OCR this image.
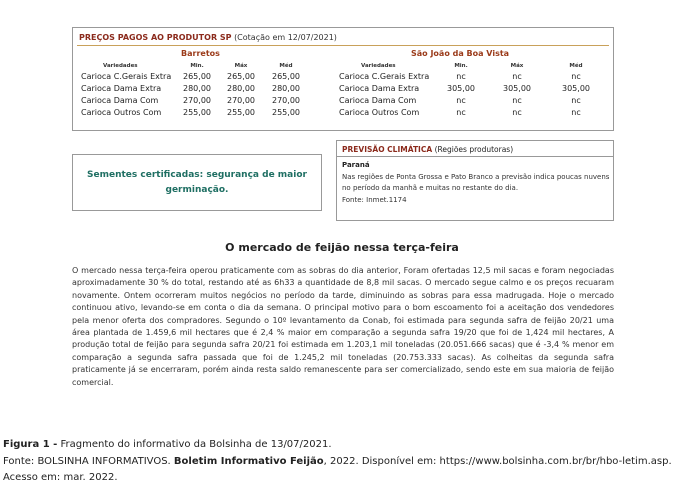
PREÇOS PAGOS AO PRODUTOR SP (Cotação em 12/07/2021)
Barretos	São João da Boa Vista
Variedades	Min.	Máx	Méd
Carioca C.Gerais Extra	265,00	265,00	265,00
Carioca Dama Extra	280,00	280,00	280,00
Carioca Dama Com	270,00	270,00	270,00
Carioca Outros Com	255,00	255,00	255,00
Variedades	Min.	Máx	Méd
Carioca C.Gerais Extra	nc	nc	nc
Carioca Dama Extra	305,00	305,00	305,00
Carioca Dama Com	nc	nc	nc
Carioca Outros Com	nc	nc	nc
Sementes certificadas: segurança de maior germinação.
PREVISÃO CLIMÁTICA (Regiões produtoras)
Paraná
Nas regiões de Ponta Grossa e Pato Branco a previsão indica poucas nuvens no período da manhã e muitas no restante do dia.
Fonte: Inmet.1174
O mercado de feijão nessa terça-feira
O mercado nessa terça-feira operou praticamente com as sobras do dia anterior, Foram ofertadas 12,5 mil sacas e foram negociadas aproximadamente 30 % do total, restando até as 6h33 a quantidade de 8,8 mil sacas. O mercado segue calmo e os preços recuaram novamente. Ontem ocorreram muitos negócios no período da tarde, diminuindo as sobras para essa madrugada. Hoje o mercado continuou ativo, levando-se em conta o dia da semana. O principal motivo para o bom escoamento foi a aceitação dos vendedores pela menor oferta dos compradores. Segundo o 10º levantamento da Conab, foi estimada para segunda safra de feijão 20/21 uma área plantada de 1.459,6 mil hectares que é 2,4 % maior em comparação a segunda safra 19/20 que foi de 1,424 mil hectares, A produção total de feijão para segunda safra 20/21 foi estimada em 1.203,1 mil toneladas (20.051.666 sacas) que é -3,4 % menor em comparação a segunda safra passada que foi de 1.245,2 mil toneladas (20.753.333 sacas). As colheitas da segunda safra praticamente já se encerraram, porém ainda resta saldo remanescente para ser comercializado, sendo este em sua maioria de feijão comercial.
Figura 1 - Fragmento do informativo da Bolsinha de 13/07/2021.
Fonte: BOLSINHA INFORMATIVOS. Boletim Informativo Feijão, 2022. Disponível em: https://www.bolsinha.com.br/br/hbo-letim.asp. Acesso em: mar. 2022.
